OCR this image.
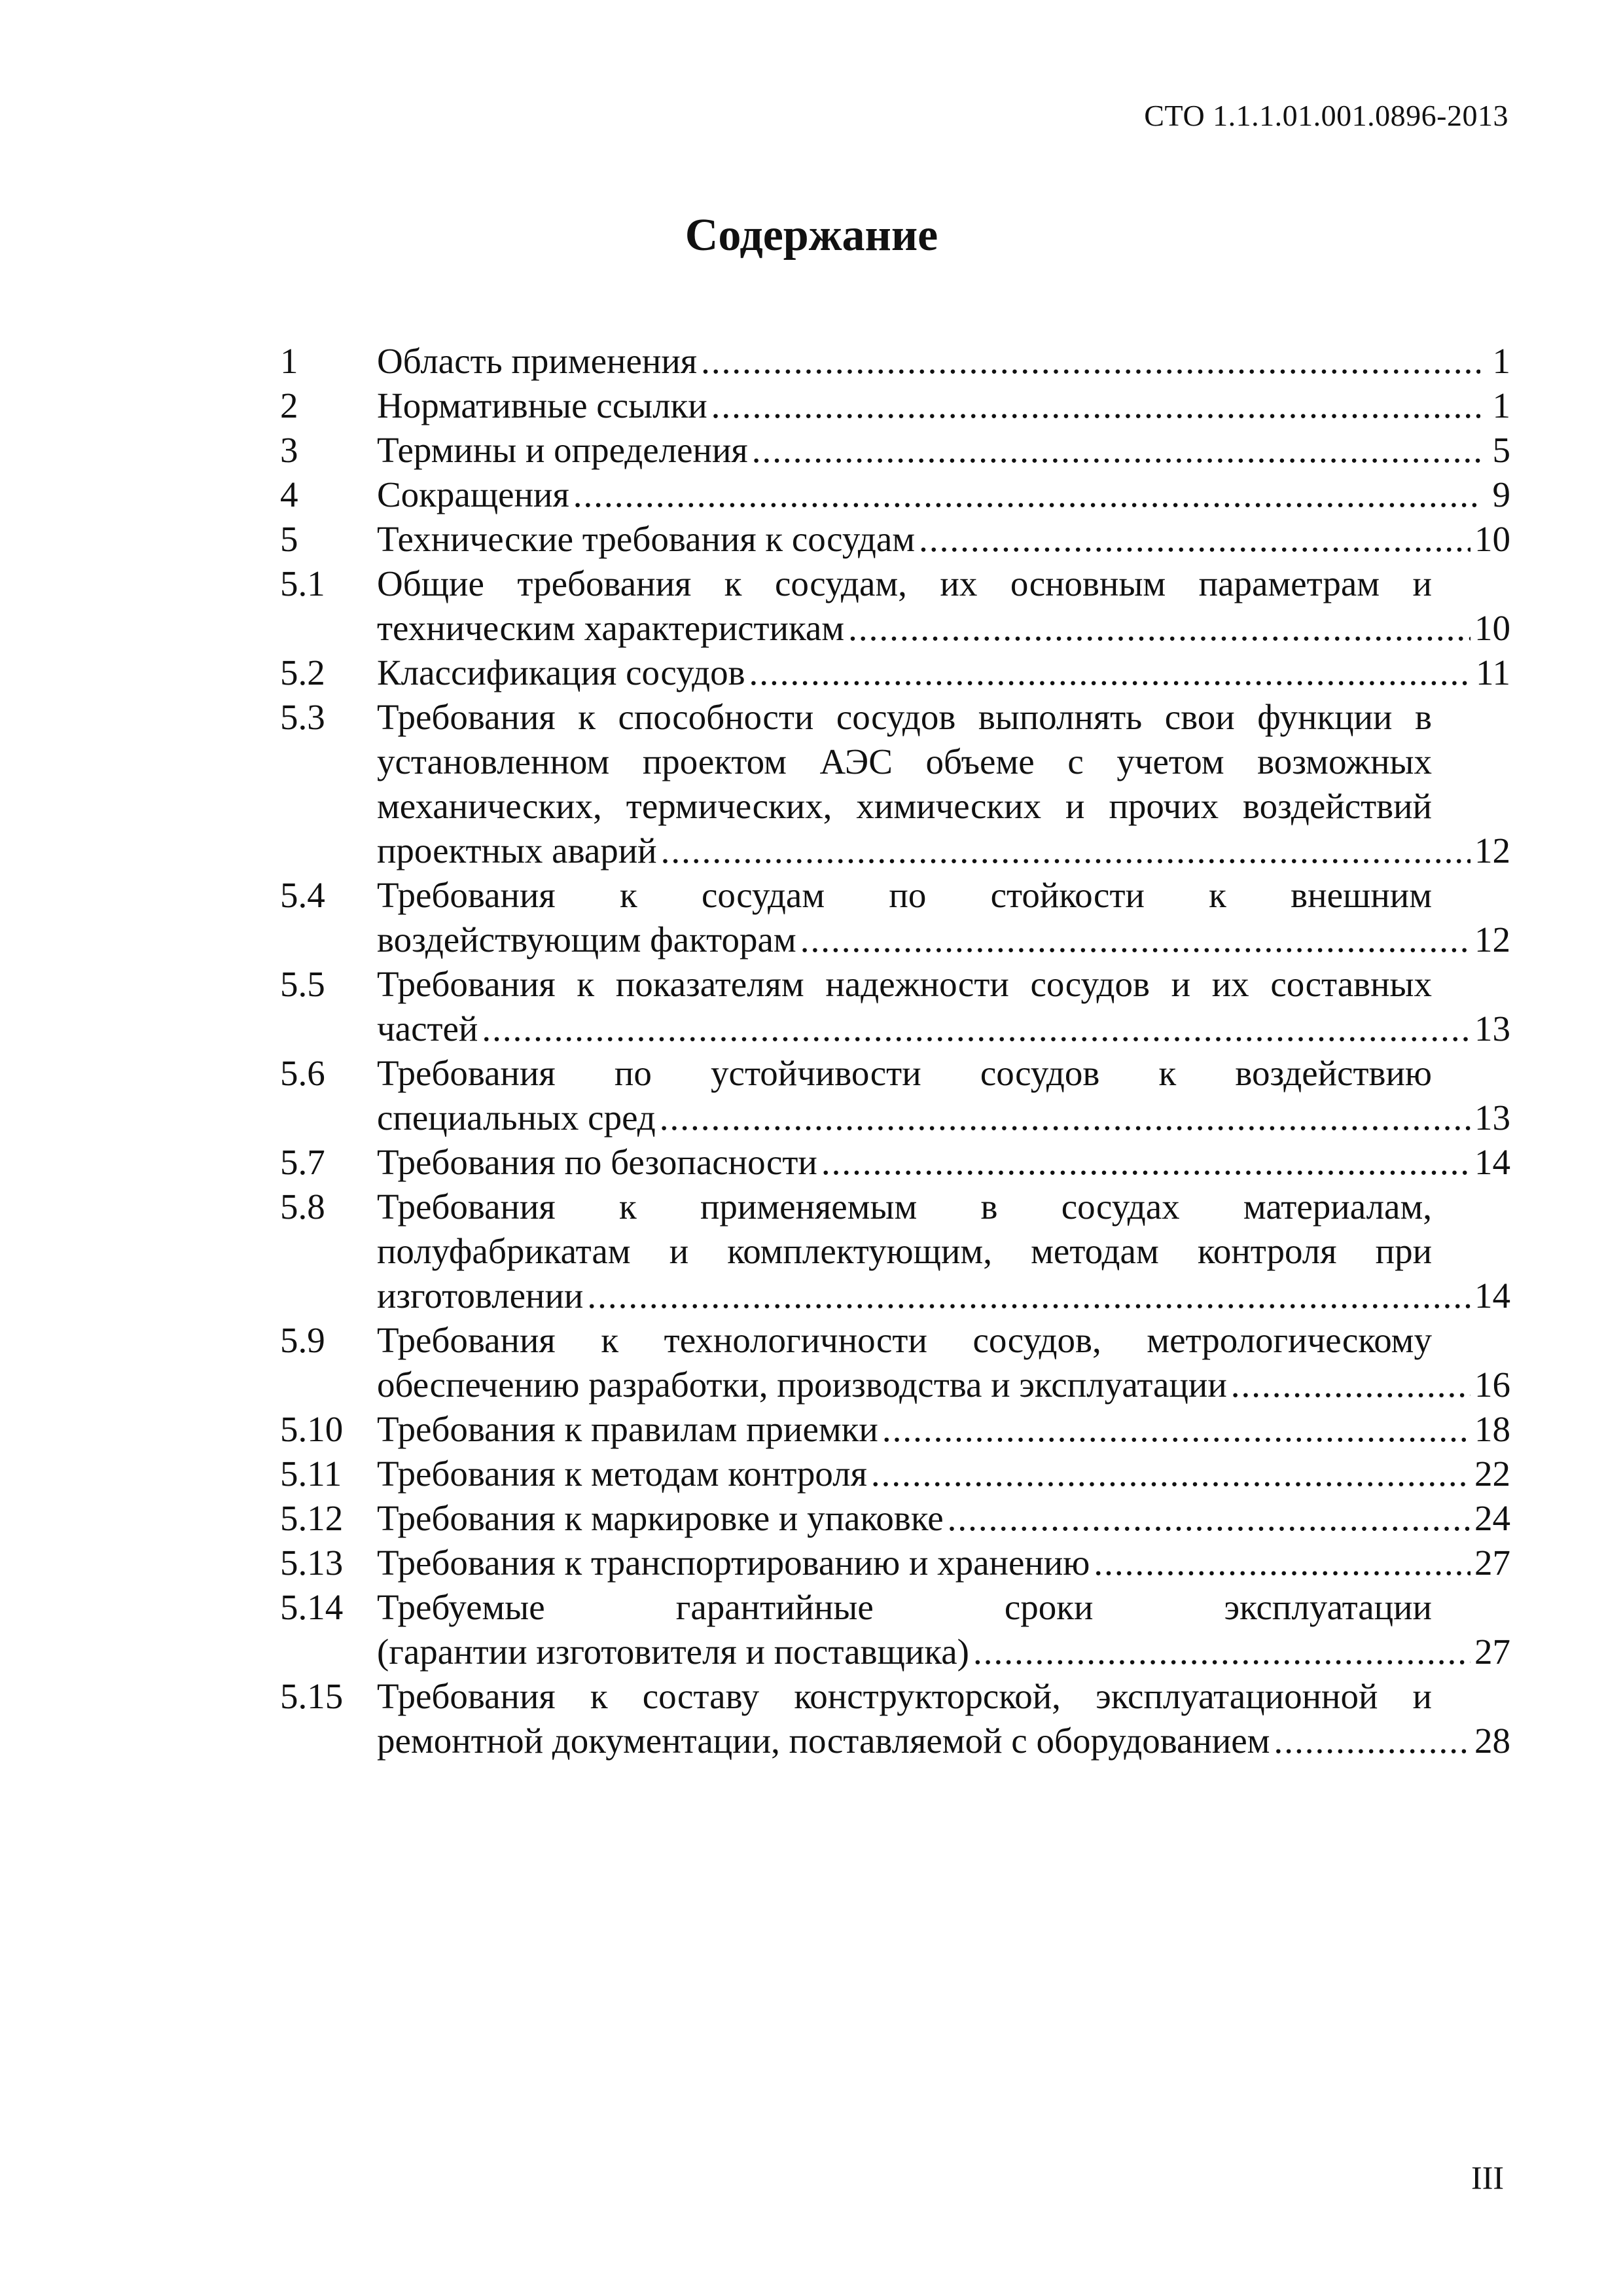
СТО 1.1.1.01.001.0896-2013
Содержание
1	Область применения .....	1
2	Нормативные ссылки .....	1
3	Термины и определения .....	5
4	Сокращения .....	9
5	Технические требования к сосудам .....	10
5.1	Общие требования к сосудам, их основным параметрам и
техническим характеристикам .....	10
5.2	Классификация сосудов .....	11
5.3	Требования к способности сосудов выполнять свои функции в
установленном проектом АЭС объеме с учетом возможных
механических, термических, химических и прочих воздействий
проектных аварий .....	12
5.4	Требования к сосудам по стойкости к внешним
воздействующим факторам .....	12
5.5	Требования к показателям надежности сосудов и их составных
частей .....	13
5.6	Требования по устойчивости сосудов к воздействию
специальных сред .....	13
5.7	Требования по безопасности .....	14
5.8	Требования к применяемым в сосудах материалам,
полуфабрикатам и комплектующим, методам контроля при
изготовлении .....	14
5.9	Требования к технологичности сосудов, метрологическому
обеспечению разработки, производства и эксплуатации .....	16
5.10 Требования к правилам приемки .....	18
5.11 Требования к методам контроля .....	22
5.12 Требования к маркировке и упаковке .....	24
5.13 Требования к транспортированию и хранению .....	27
5.14 Требуемые гарантийные сроки эксплуатации
(гарантии изготовителя и поставщика) .....	27
5.15 Требования к составу конструкторской, эксплуатационной и
ремонтной документации, поставляемой с оборудованием .....	28
III
